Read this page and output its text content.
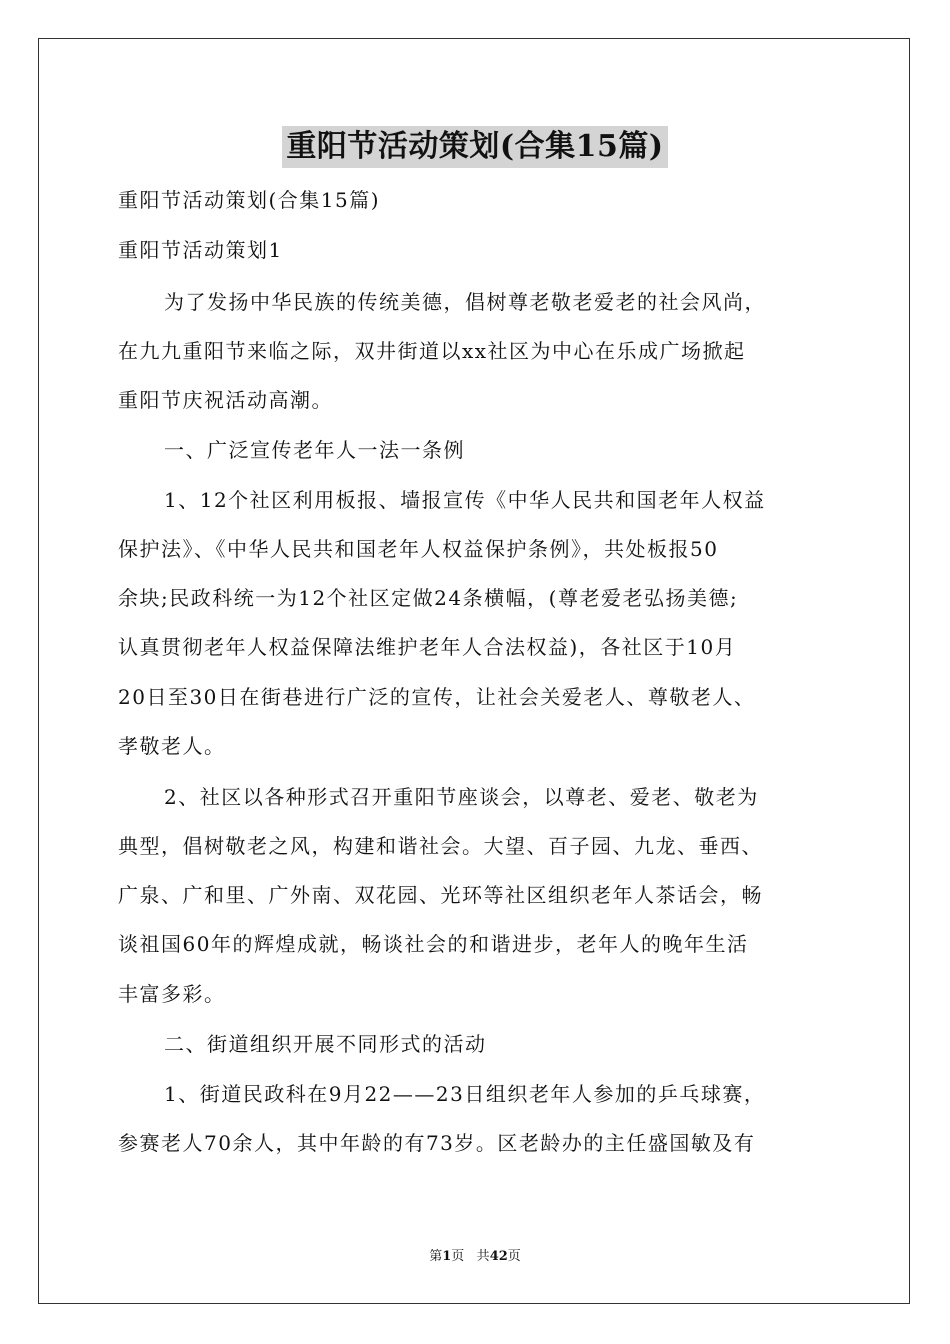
重阳节活动策划(合集15篇)
重阳节活动策划(合集15篇)
重阳节活动策划1
为了发扬中华民族的传统美德，倡树尊老敬老爱老的社会风尚，
在九九重阳节来临之际，双井街道以xx社区为中心在乐成广场掀起
重阳节庆祝活动高潮。
一、广泛宣传老年人一法一条例
1、12个社区利用板报、墙报宣传《中华人民共和国老年人权益
保护法》、《中华人民共和国老年人权益保护条例》，共处板报50
余块;民政科统一为12个社区定做24条横幅，(尊老爱老弘扬美德;
认真贯彻老年人权益保障法维护老年人合法权益)，各社区于10月
20日至30日在街巷进行广泛的宣传，让社会关爱老人、尊敬老人、
孝敬老人。
2、社区以各种形式召开重阳节座谈会，以尊老、爱老、敬老为
典型，倡树敬老之风，构建和谐社会。大望、百子园、九龙、垂西、
广泉、广和里、广外南、双花园、光环等社区组织老年人茶话会，畅
谈祖国60年的辉煌成就，畅谈社会的和谐进步，老年人的晚年生活
丰富多彩。
二、街道组织开展不同形式的活动
1、街道民政科在9月22——23日组织老年人参加的乒乓球赛，
参赛老人70余人，其中年龄的有73岁。区老龄办的主任盛国敏及有
第1页 共42页
